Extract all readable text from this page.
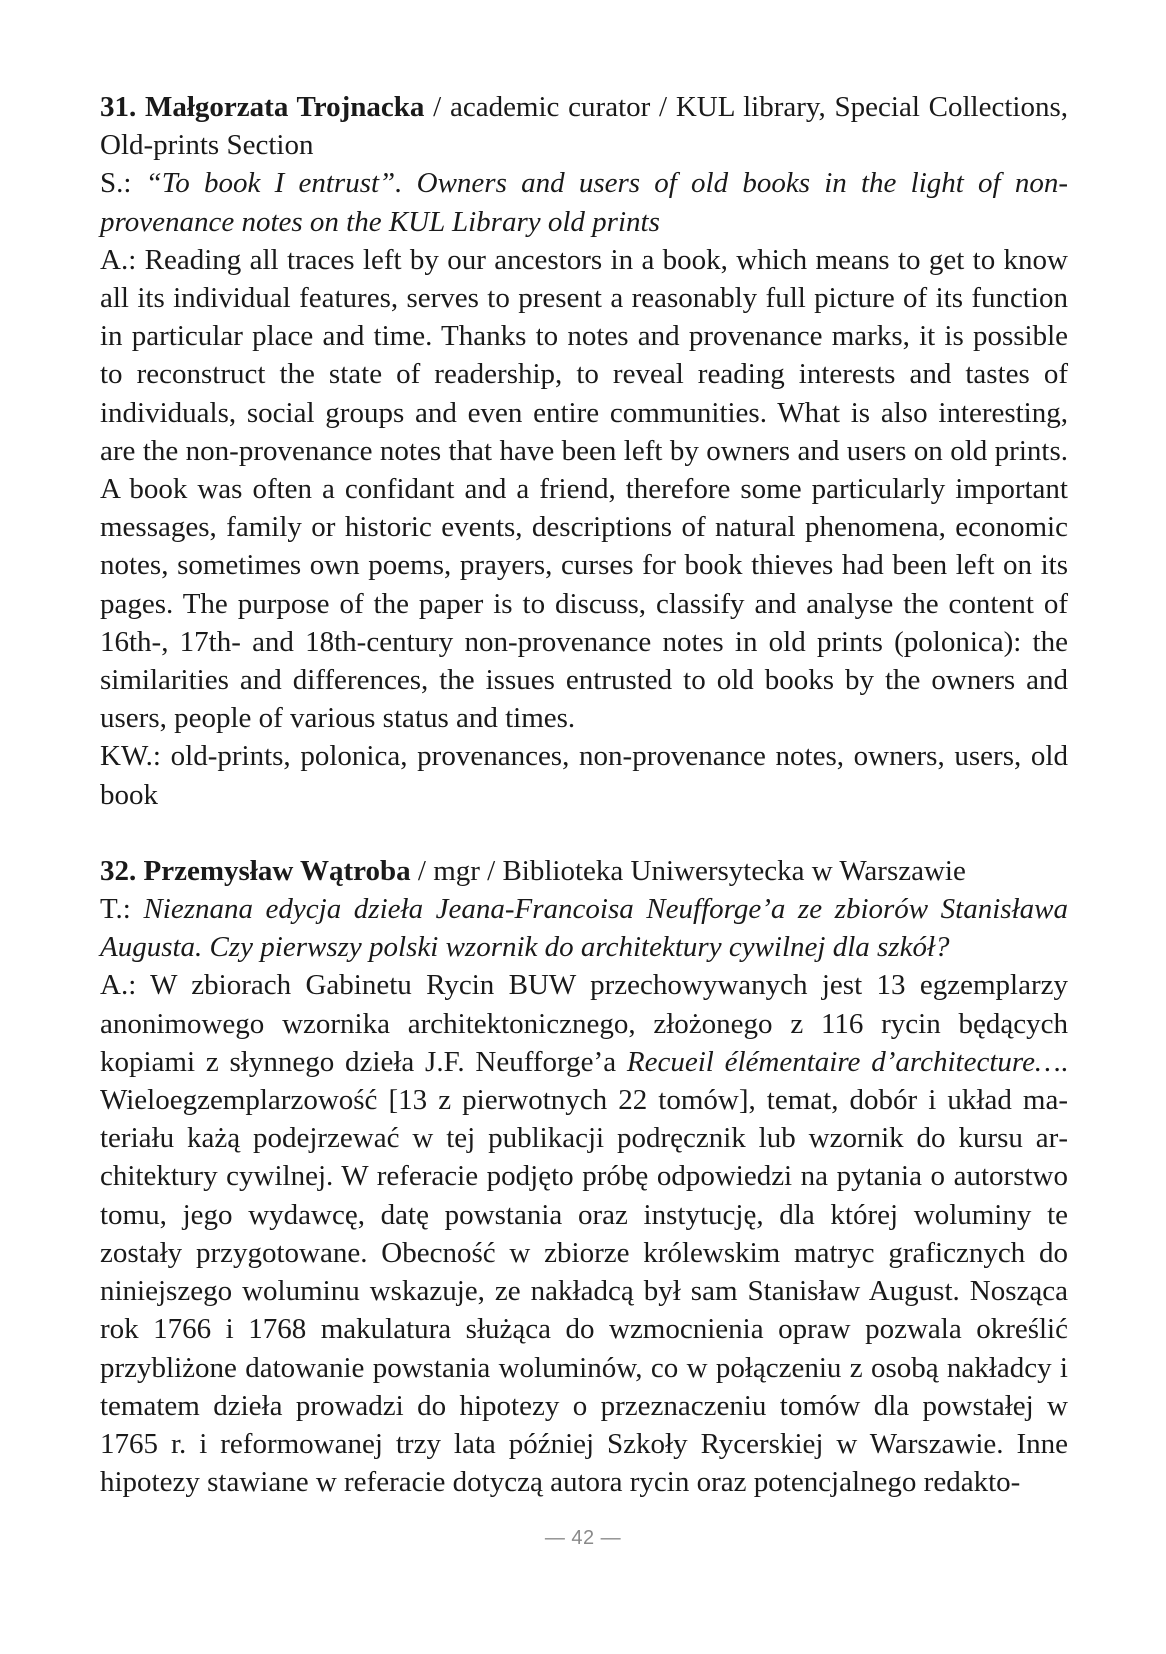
31. Małgorzata Trojnacka / academic curator / KUL library, Special Collections, Old-prints Section

S.: “To book I entrust”. Owners and users of old books in the light of non-provenance notes on the KUL Library old prints

A.: Reading all traces left by our ancestors in a book, which means to get to know all its individual features, serves to present a reasonably full picture of its function in particular place and time. Thanks to notes and provenance marks, it is possible to reconstruct the state of readership, to reveal reading interests and tastes of individuals, social groups and even entire communities. What is also interesting, are the non-provenance notes that have been left by owners and users on old prints. A book was often a confidant and a friend, therefore some particularly important messages, family or historic events, descriptions of natural phenomena, economic notes, sometimes own poems, prayers, curses for book thieves had been left on its pages. The purpose of the paper is to discuss, classify and analyse the content of 16th-, 17th- and 18th-century non-provenance notes in old prints (polonica): the similarities and differences, the issues entrusted to old books by the owners and users, people of various status and times.

KW.: old-prints, polonica, provenances, non-provenance notes, owners, users, old book

32. Przemysław Wątroba / mgr / Biblioteka Uniwersytecka w Warszawie

T.: Nieznana edycja dzieła Jeana-Francoisa Neufforge’a ze zbiorów Stanisława Augusta. Czy pierwszy polski wzornik do architektury cywilnej dla szkół?

A.: W zbiorach Gabinetu Rycin BUW przechowywanych jest 13 egzemplarzy anonimowego wzornika architektonicznego, złożonego z 116 rycin będących kopiami z słynnego dzieła J.F. Neufforge’a Recueil élémentaire d’architecture…. Wieloegzemplarzowość [13 z pierwotnych 22 tomów], temat, dobór i układ materiału każą podejrzewać w tej publikacji podręcznik lub wzornik do kursu architektury cywilnej. W referacie podjęto próbę odpowiedzi na pytania o autorstwo tomu, jego wydawcę, datę powstania oraz instytucję, dla której woluminy te zostały przygotowane. Obecność w zbiorze królewskim matryc graficznych do niniejszego woluminu wskazuje, ze nakładcą był sam Stanisław August. Nosząca rok 1766 i 1768 makulatura służąca do wzmocnienia opraw pozwala określić przybliżone datowanie powstania woluminów, co w połączeniu z osobą nakładcy i tematem dzieła prowadzi do hipotezy o przeznaczeniu tomów dla powstałej w 1765 r. i reformowanej trzy lata później Szkoły Rycerskiej w Warszawie. Inne hipotezy stawiane w referacie dotyczą autora rycin oraz potencjalnego redakto-

— 42 —
